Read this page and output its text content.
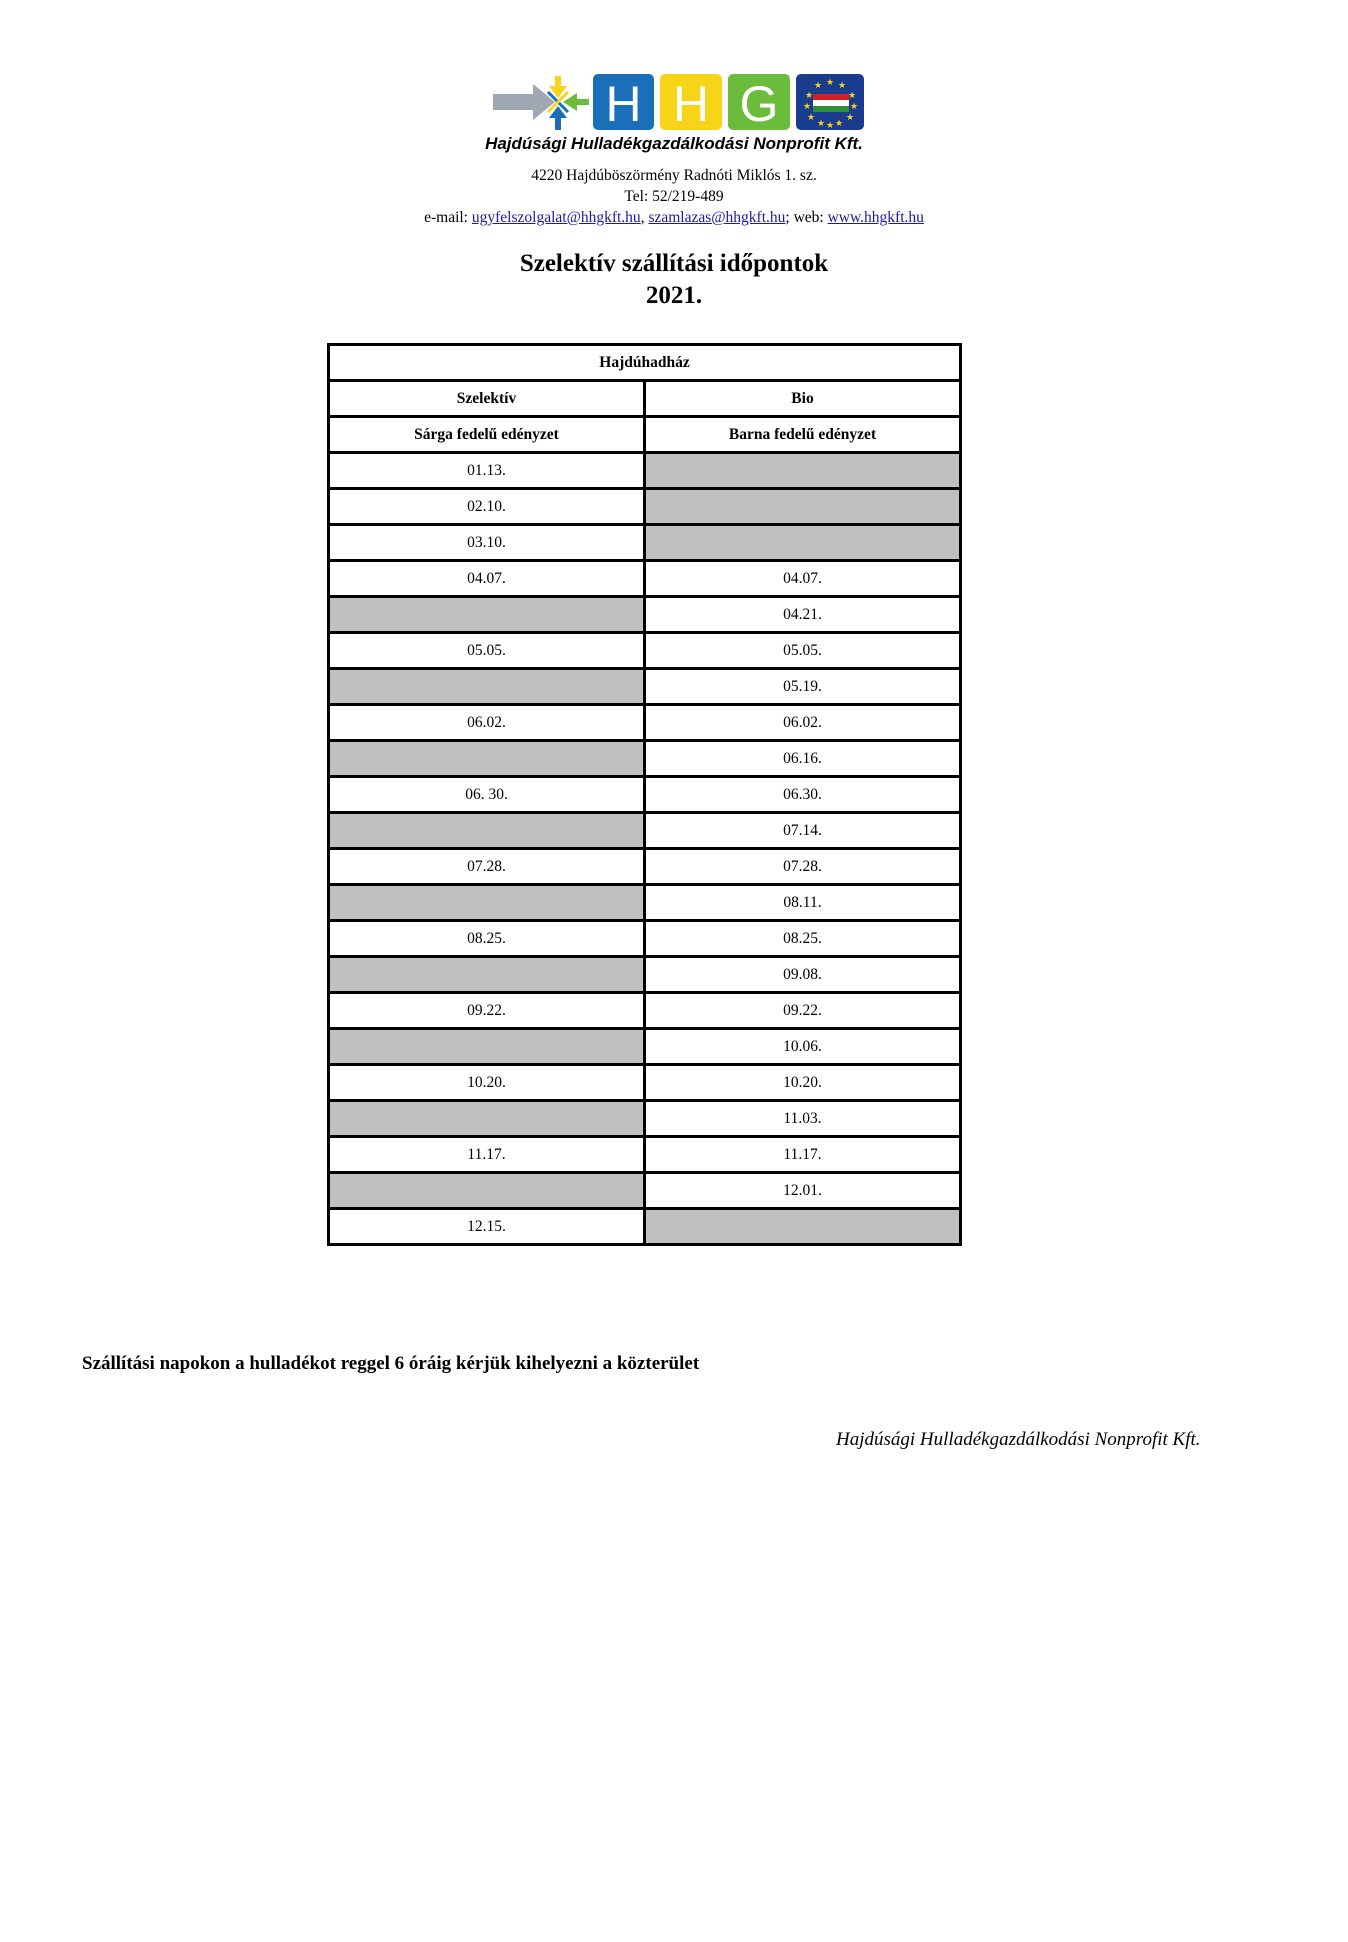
H H G	★
★ ★
★	★
★	★
★	★
★ ★
★
Hajdúsági Hulladékgazdálkodási Nonprofit Kft.
4220 Hajdúböszörmény Radnóti Miklós 1. sz.
Tel: 52/219-489
e-mail: ugyfelszolgalat@hhgkft.hu, szamlazas@hhgkft.hu; web: www.hhgkft.hu
Szelektív szállítási időpontok
2021.
Hajdúhadház	
Szelektív	Bio
Sárga fedelű edényzet	Barna fedelű edényzet
01.13.	
02.10.	
03.10.	
04.07.	04.07.
	04.21.
05.05.	05.05.
	05.19.
06.02.	06.02.
	06.16.
06. 30.	06.30.
	07.14.
07.28.	07.28.
	08.11.
08.25.	08.25.
	09.08.
09.22.	09.22.
	10.06.
10.20.	10.20.
	11.03.
11.17.	11.17.
	12.01.
12.15.	
Szállítási napokon a hulladékot reggel 6 óráig kérjük kihelyezni a közterület
Hajdúsági Hulladékgazdálkodási Nonprofit Kft.
